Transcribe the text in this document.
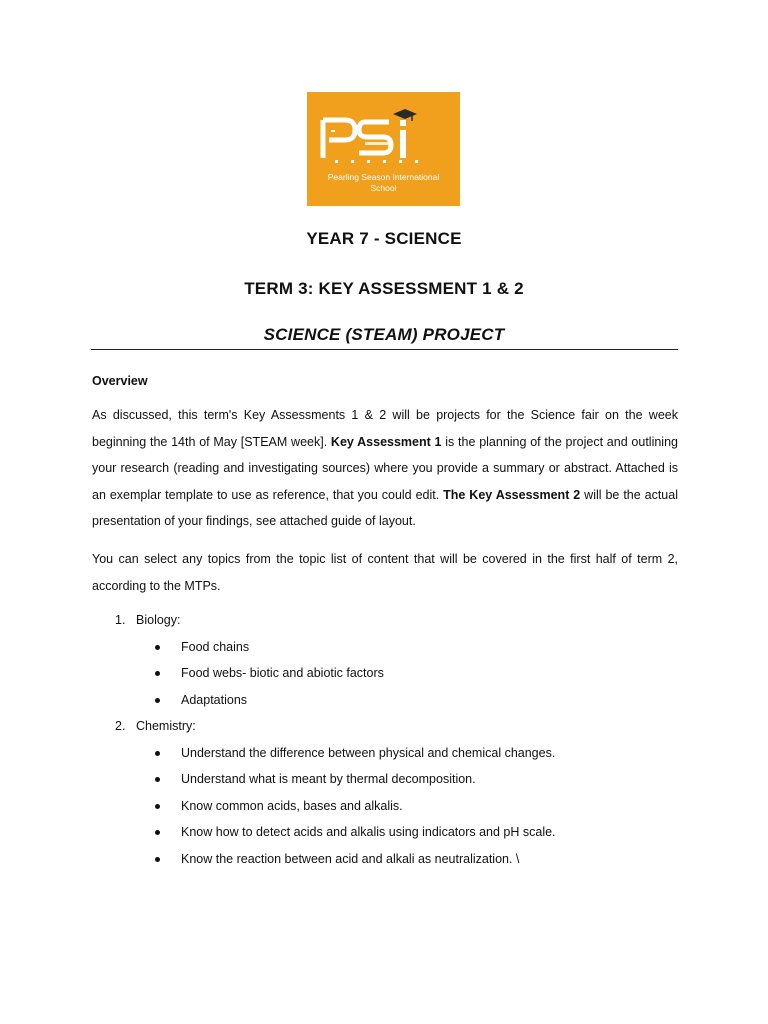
Pearling Season International
School
YEAR 7 - SCIENCE
TERM 3: KEY ASSESSMENT 1 & 2
SCIENCE (STEAM) PROJECT
Overview
As discussed, this term's Key Assessments 1 & 2 will be projects for the Science fair on the week beginning the 14th of May [STEAM week]. Key Assessment 1 is the planning of the project and outlining your research (reading and investigating sources) where you provide a summary or abstract. Attached is an exemplar template to use as reference, that you could edit. The Key Assessment 2 will be the actual presentation of your findings, see attached guide of layout.
You can select any topics from the topic list of content that will be covered in the first half of term 2, according to the MTPs.
1. Biology:
Food chains
Food webs- biotic and abiotic factors
Adaptations
2. Chemistry:
Understand the difference between physical and chemical changes.
Understand what is meant by thermal decomposition.
Know common acids, bases and alkalis.
Know how to detect acids and alkalis using indicators and pH scale.
Know the reaction between acid and alkali as neutralization. \
